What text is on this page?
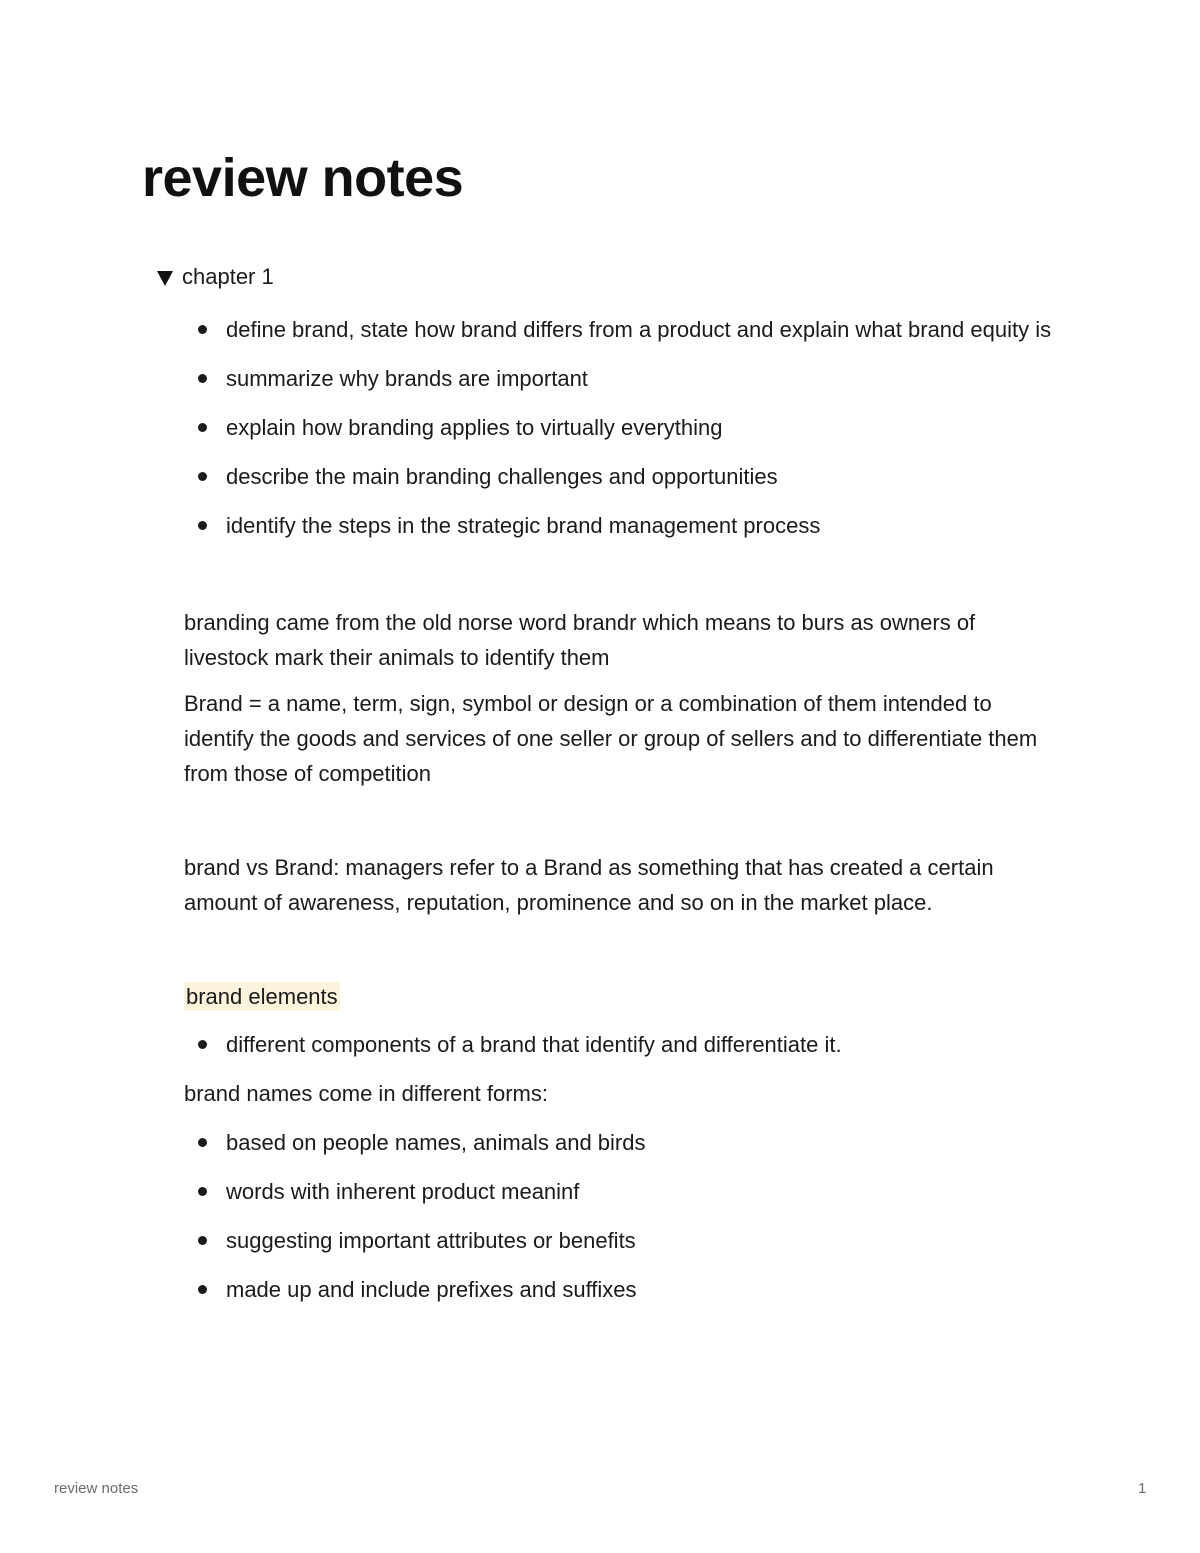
review notes
chapter 1
define brand, state how brand differs from a product and explain what brand equity is
summarize why brands are important
explain how branding applies to virtually everything
describe the main branding challenges and opportunities
identify the steps in the strategic brand management process

branding came from the old norse word brandr which means to burs as owners of livestock mark their animals to identify them

Brand = a name, term, sign, symbol or design or a combination of them intended to identify the goods and services of one seller or group of sellers and to differentiate them from those of competition

brand vs Brand: managers refer to a Brand as something that has created a certain amount of awareness, reputation, prominence and so on in the market place.

brand elements

different components of a brand that identify and differentiate it.

brand names come in different forms:

based on people names, animals and birds
words with inherent product meaninf
suggesting important attributes or benefits
made up and include prefixes and suffixes
review notes	1
